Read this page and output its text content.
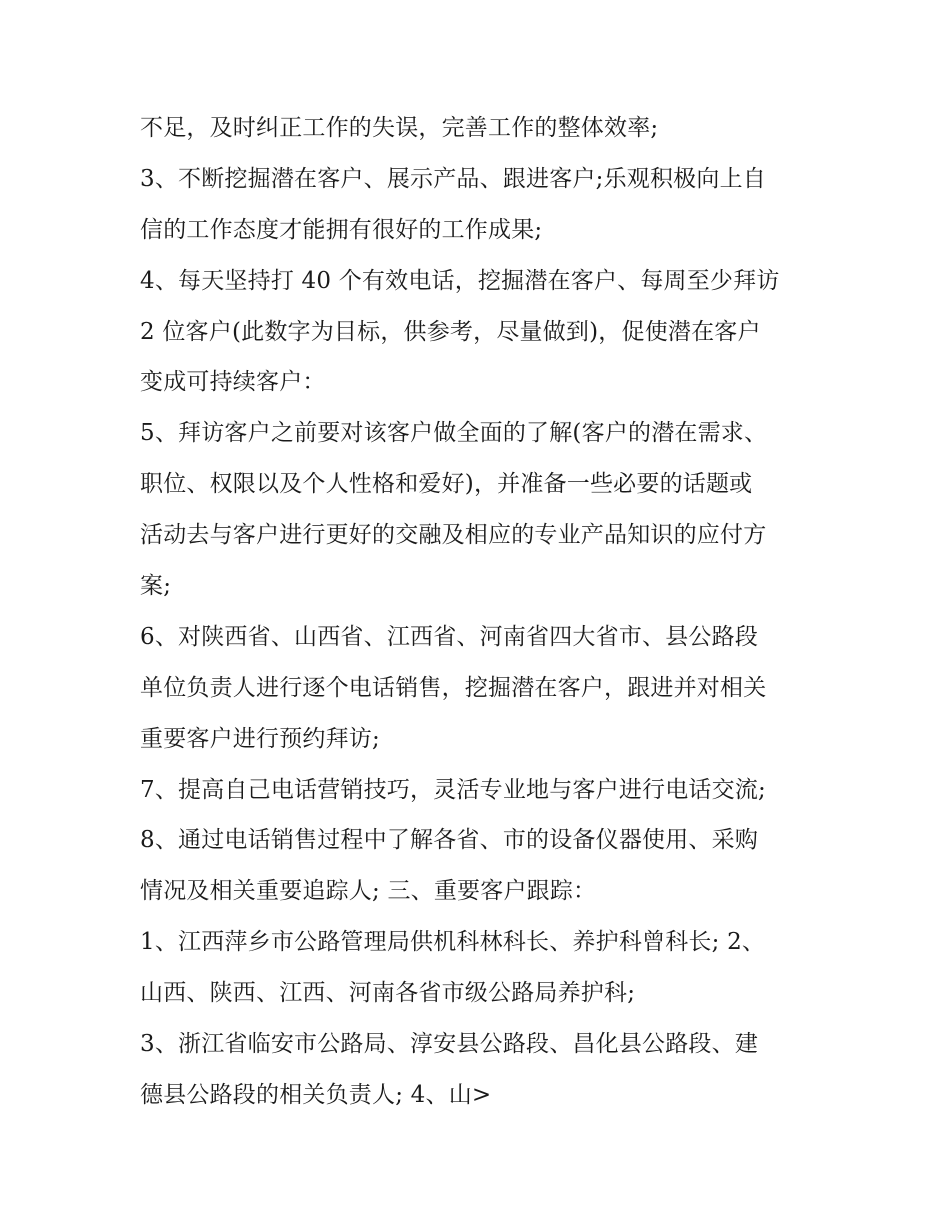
不足，及时纠正工作的失误，完善工作的整体效率;
3、不断挖掘潜在客户、展示产品、跟进客户;乐观积极向上自
信的工作态度才能拥有很好的工作成果;
4、每天坚持打 40 个有效电话，挖掘潜在客户、每周至少拜访
2 位客户(此数字为目标，供参考，尽量做到)，促使潜在客户
变成可持续客户：
5、拜访客户之前要对该客户做全面的了解(客户的潜在需求、
职位、权限以及个人性格和爱好)，并准备一些必要的话题或
活动去与客户进行更好的交融及相应的专业产品知识的应付方
案;
6、对陕西省、山西省、江西省、河南省四大省市、县公路段
单位负责人进行逐个电话销售，挖掘潜在客户，跟进并对相关
重要客户进行预约拜访;
7、提高自己电话营销技巧，灵活专业地与客户进行电话交流;
8、通过电话销售过程中了解各省、市的设备仪器使用、采购
情况及相关重要追踪人; 三、重要客户跟踪：
1、江西萍乡市公路管理局供机科林科长、养护科曾科长; 2、
山西、陕西、江西、河南各省市级公路局养护科;
3、浙江省临安市公路局、淳安县公路段、昌化县公路段、建
德县公路段的相关负责人; 4、山>
